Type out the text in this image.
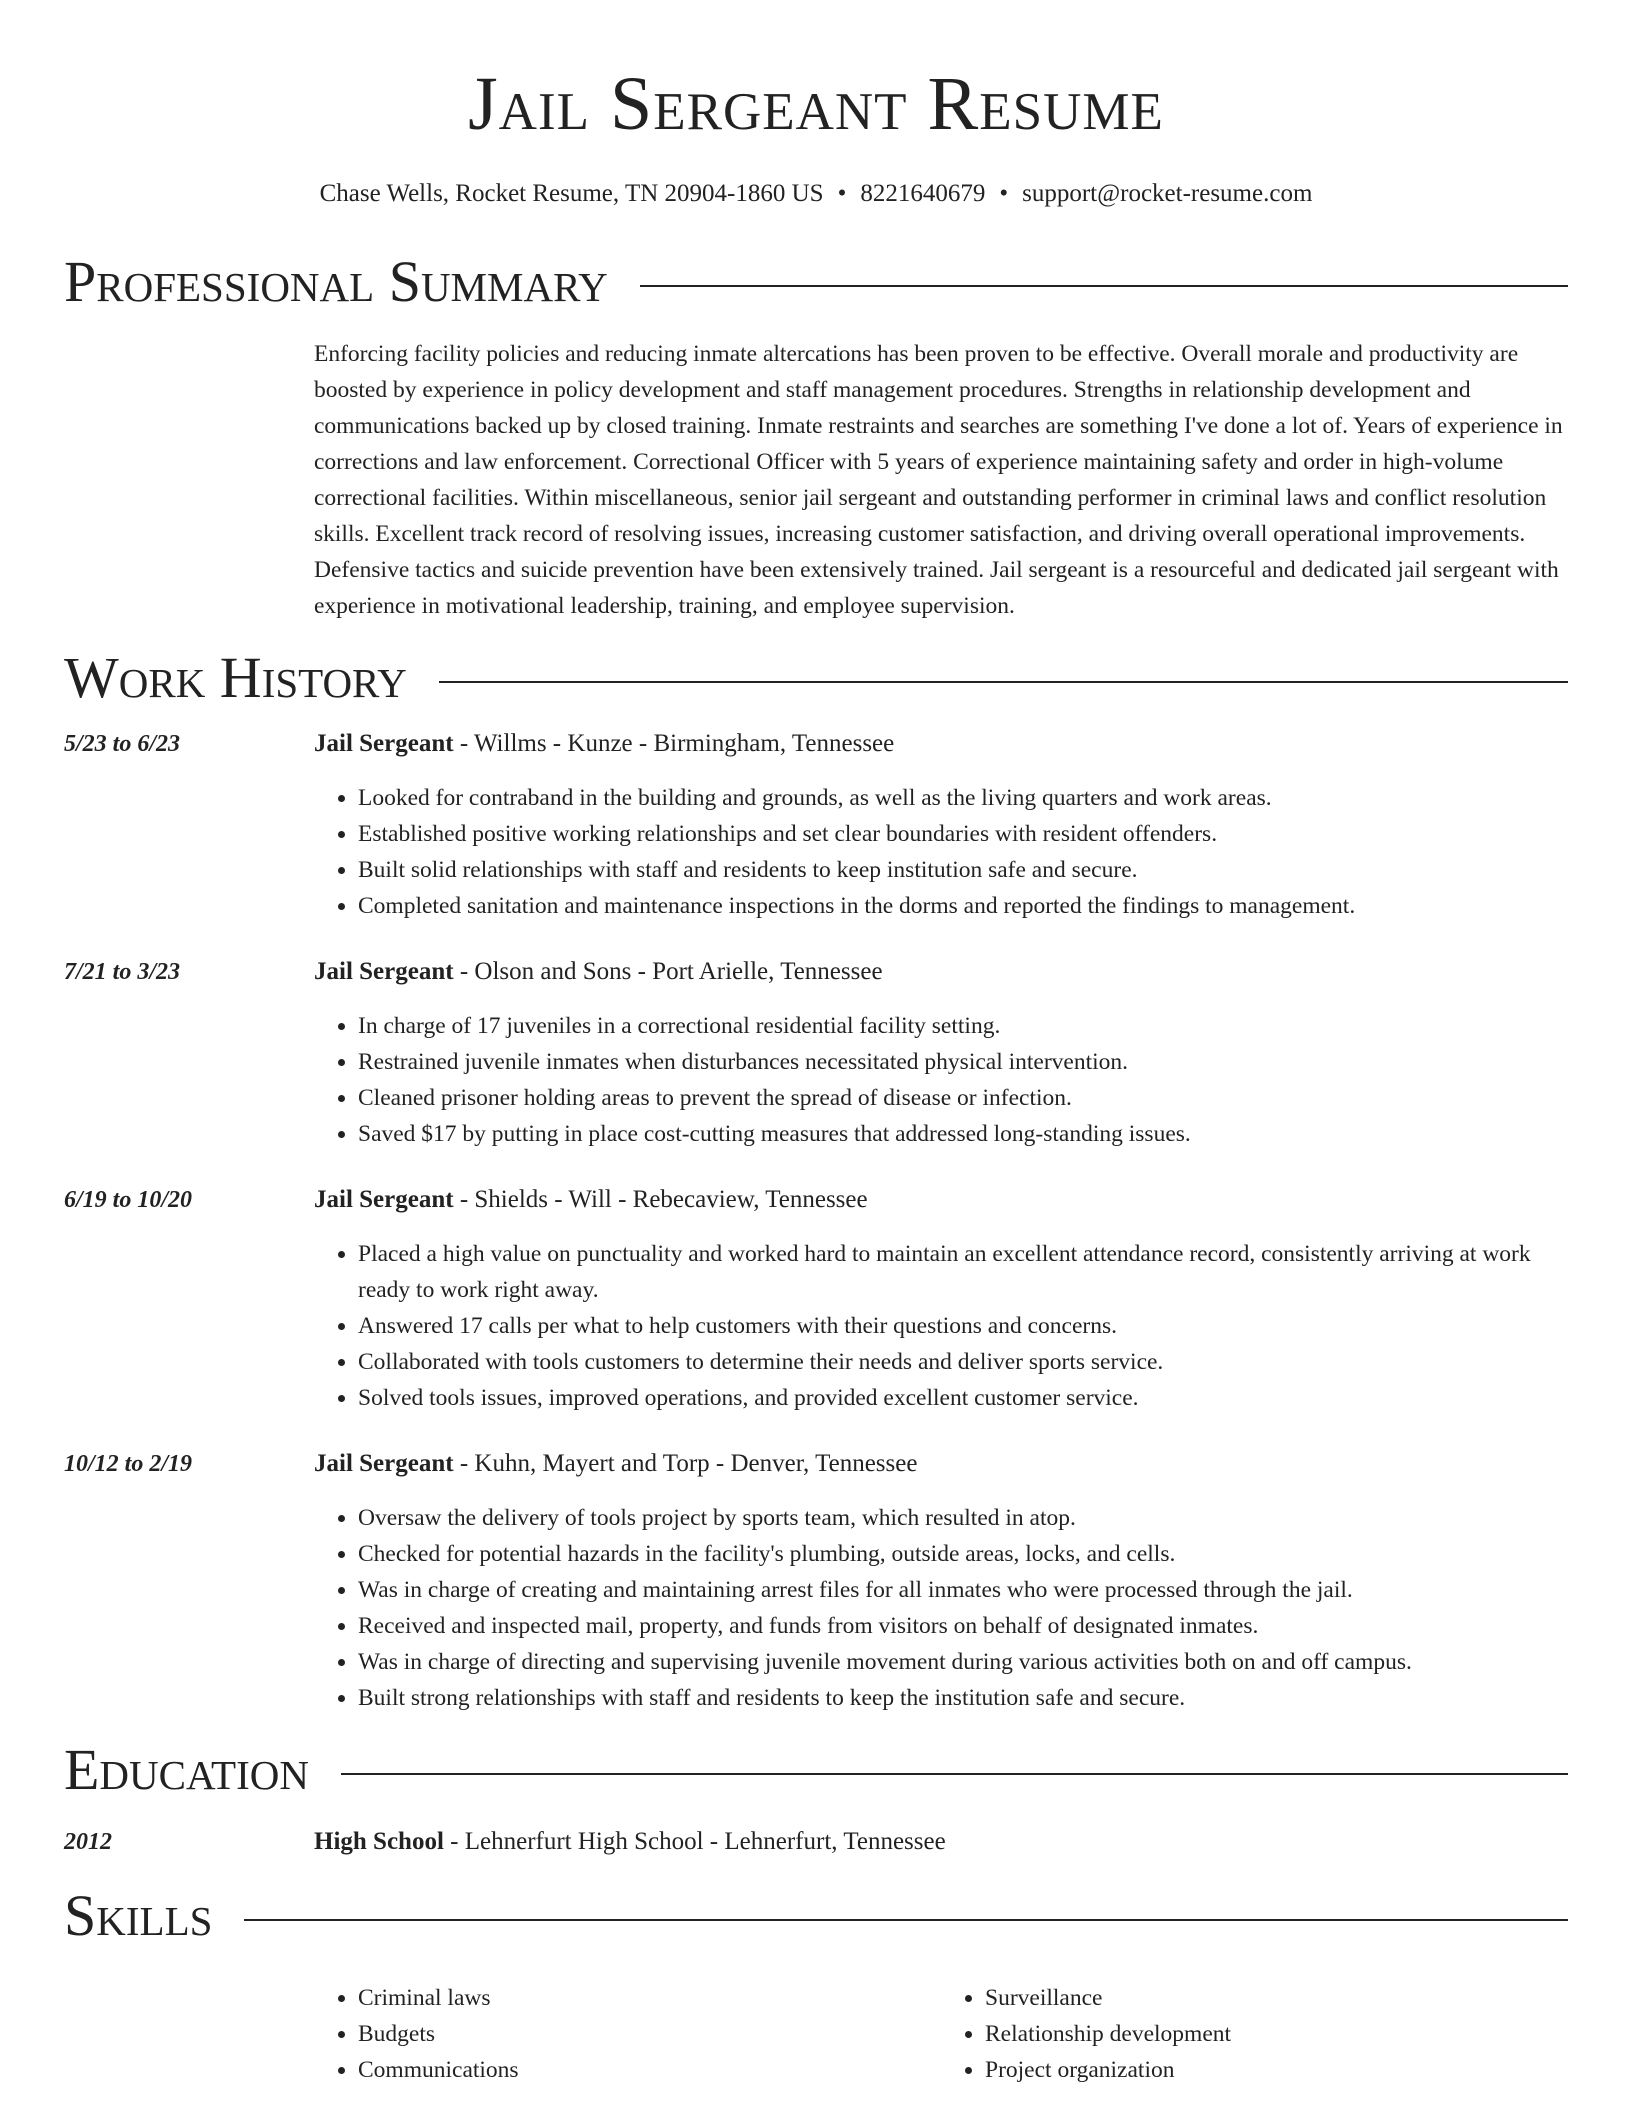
Jail Sergeant Resume
Chase Wells, Rocket Resume, TN 20904-1860 US • 8221640679 • support@rocket-resume.com
Professional Summary
Enforcing facility policies and reducing inmate altercations has been proven to be effective. Overall morale and productivity are boosted by experience in policy development and staff management procedures. Strengths in relationship development and communications backed up by closed training. Inmate restraints and searches are something I've done a lot of. Years of experience in corrections and law enforcement. Correctional Officer with 5 years of experience maintaining safety and order in high-volume correctional facilities. Within miscellaneous, senior jail sergeant and outstanding performer in criminal laws and conflict resolution skills. Excellent track record of resolving issues, increasing customer satisfaction, and driving overall operational improvements. Defensive tactics and suicide prevention have been extensively trained. Jail sergeant is a resourceful and dedicated jail sergeant with experience in motivational leadership, training, and employee supervision.
Work History
5/23 to 6/23	Jail Sergeant - Willms - Kunze - Birmingham, Tennessee
• Looked for contraband in the building and grounds, as well as the living quarters and work areas.
• Established positive working relationships and set clear boundaries with resident offenders.
• Built solid relationships with staff and residents to keep institution safe and secure.
• Completed sanitation and maintenance inspections in the dorms and reported the findings to management.
7/21 to 3/23	Jail Sergeant - Olson and Sons - Port Arielle, Tennessee
• In charge of 17 juveniles in a correctional residential facility setting.
• Restrained juvenile inmates when disturbances necessitated physical intervention.
• Cleaned prisoner holding areas to prevent the spread of disease or infection.
• Saved $17 by putting in place cost-cutting measures that addressed long-standing issues.
6/19 to 10/20	Jail Sergeant - Shields - Will - Rebecaview, Tennessee
• Placed a high value on punctuality and worked hard to maintain an excellent attendance record, consistently arriving at work ready to work right away.
• Answered 17 calls per what to help customers with their questions and concerns.
• Collaborated with tools customers to determine their needs and deliver sports service.
• Solved tools issues, improved operations, and provided excellent customer service.
10/12 to 2/19	Jail Sergeant - Kuhn, Mayert and Torp - Denver, Tennessee
• Oversaw the delivery of tools project by sports team, which resulted in atop.
• Checked for potential hazards in the facility's plumbing, outside areas, locks, and cells.
• Was in charge of creating and maintaining arrest files for all inmates who were processed through the jail.
• Received and inspected mail, property, and funds from visitors on behalf of designated inmates.
• Was in charge of directing and supervising juvenile movement during various activities both on and off campus.
• Built strong relationships with staff and residents to keep the institution safe and secure.
Education
2012	High School - Lehnerfurt High School - Lehnerfurt, Tennessee
Skills
• Criminal laws
• Budgets
• Communications
• Surveillance
• Relationship development
• Project organization
